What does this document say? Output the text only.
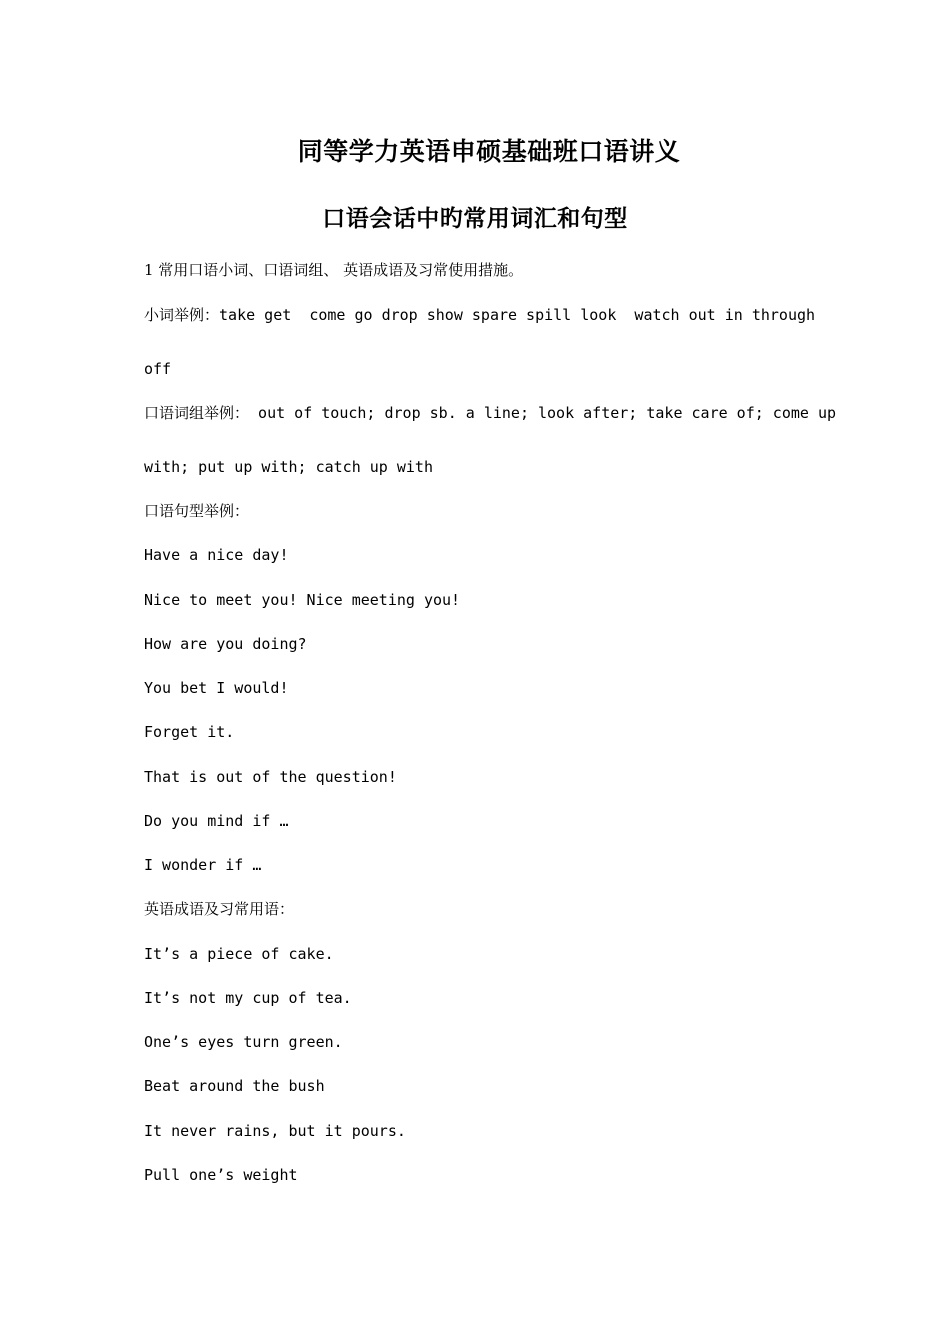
同等学力英语申硕基础班口语讲义
口语会话中旳常用词汇和句型

1 常用口语小词、口语词组、 英语成语及习常使用措施。

小词举例：take get  come go drop show spare spill look  watch out in through

off

口语词组举例： out of touch; drop sb. a line; look after; take care of; come up

with; put up with; catch up with

口语句型举例：

Have a nice day!

Nice to meet you! Nice meeting you!

How are you doing?

You bet I would!

Forget it.

That is out of the question!

Do you mind if …

I wonder if …

英语成语及习常用语：

It’s a piece of cake.

It’s not my cup of tea.

One’s eyes turn green.

Beat around the bush

It never rains, but it pours.

Pull one’s weight
